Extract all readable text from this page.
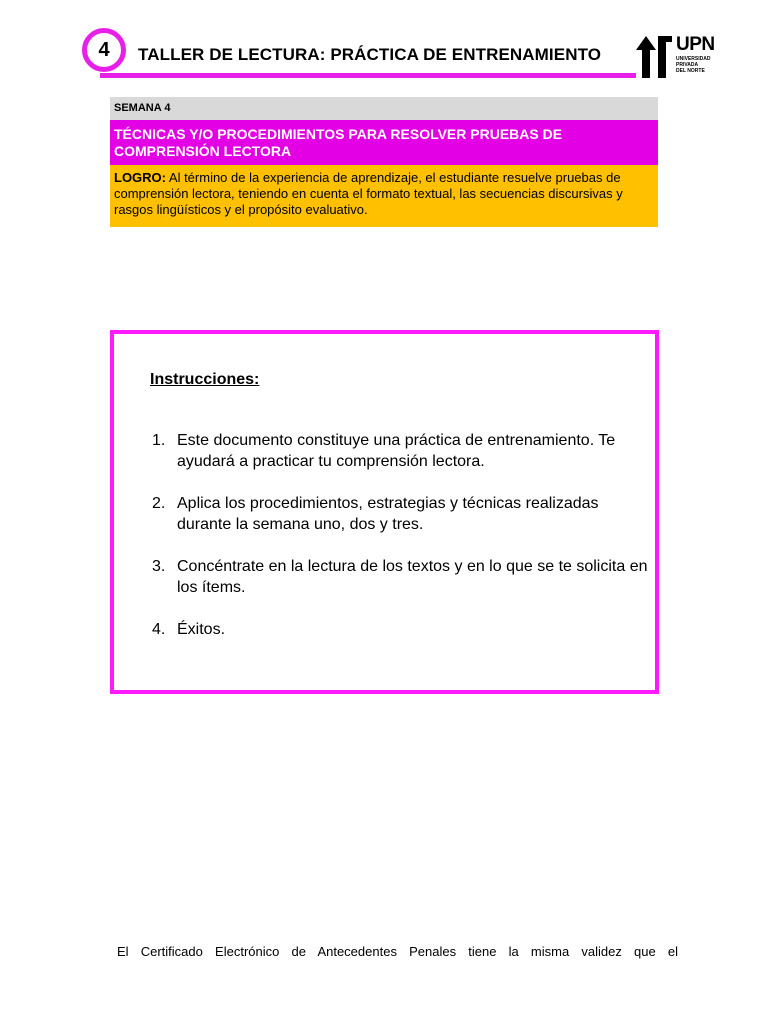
4 TALLER DE LECTURA: PRÁCTICA DE ENTRENAMIENTO	UPN
UNIVERSIDAD
PRIVADA
DEL NORTE
SEMANA 4
TÉCNICAS Y/O PROCEDIMIENTOS PARA RESOLVER PRUEBAS DE COMPRENSIÓN LECTORA
LOGRO: Al término de la experiencia de aprendizaje, el estudiante resuelve pruebas de comprensión lectora, teniendo en cuenta el formato textual, las secuencias discursivas y rasgos lingüísticos y el propósito evaluativo.
Instrucciones:
1. Este documento constituye una práctica de entrenamiento. Te ayudará a practicar tu comprensión lectora.
2. Aplica los procedimientos, estrategias y técnicas realizadas durante la semana uno, dos y tres.
3. Concéntrate en la lectura de los textos y en lo que se te solicita en los ítems.
4. Éxitos.
El Certificado Electrónico de Antecedentes Penales tiene la misma validez que el
